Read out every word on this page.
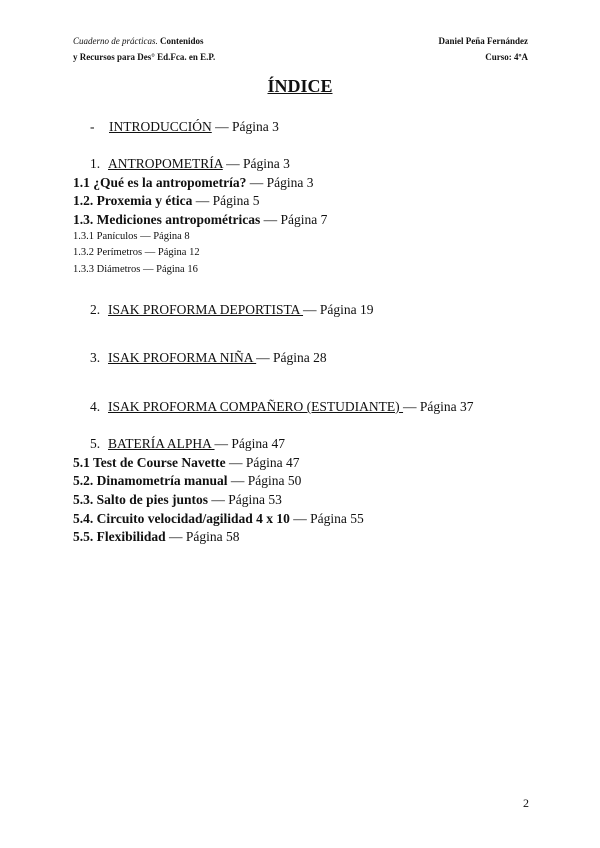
Cuaderno de prácticas. Contenidos
y Recursos para Des° Ed.Fca. en E.P.
Daniel Peña Fernández
Curso: 4ºA
ÍNDICE
- INTRODUCCIÓN — Página 3
1. ANTROPOMETRÍA — Página 3
1.1 ¿Qué es la antropometría? — Página 3
1.2. Proxemia y ética — Página 5
1.3. Mediciones antropométricas — Página 7
1.3.1 Panículos — Página 8
1.3.2 Perímetros — Página 12
1.3.3 Diámetros — Página 16
2. ISAK PROFORMA DEPORTISTA — Página 19
3. ISAK PROFORMA NIÑA — Página 28
4. ISAK PROFORMA COMPAÑERO (ESTUDIANTE) — Página 37
5. BATERÍA ALPHA — Página 47
5.1 Test de Course Navette — Página 47
5.2. Dinamometría manual — Página 50
5.3. Salto de pies juntos — Página 53
5.4. Circuito velocidad/agilidad 4 x 10 — Página 55
5.5. Flexibilidad — Página 58
2
